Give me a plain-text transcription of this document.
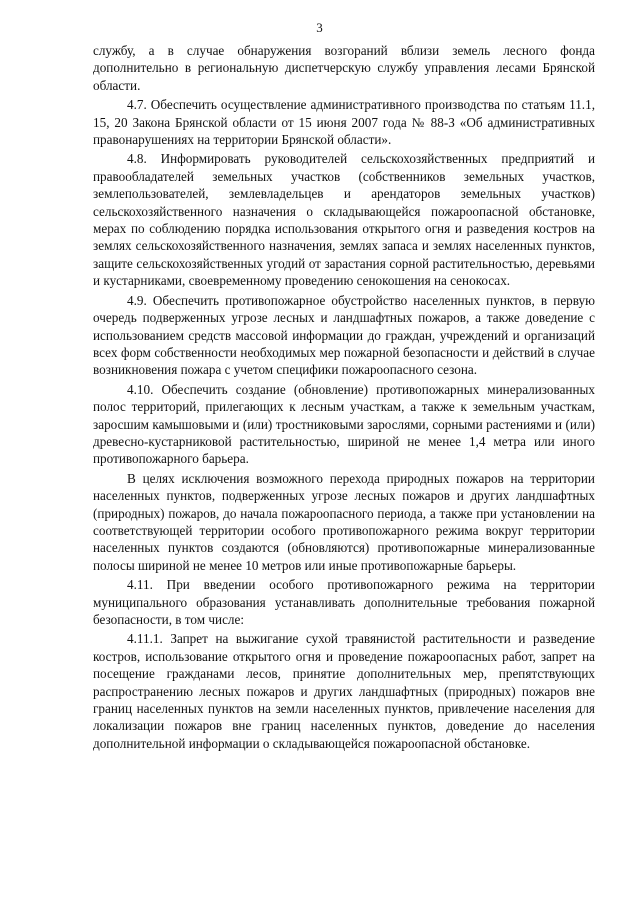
3

службу, а в случае обнаружения возгораний вблизи земель лесного фонда дополнительно в региональную диспетчерскую службу управления лесами Брянской области.

4.7. Обеспечить осуществление административного производства по статьям 11.1, 15, 20 Закона Брянской области от 15 июня 2007 года № 88-З «Об административных правонарушениях на территории Брянской области».

4.8. Информировать руководителей сельскохозяйственных предприятий и правообладателей земельных участков (собственников земельных участков, землепользователей, землевладельцев и арендаторов земельных участков) сельскохозяйственного назначения о складывающейся пожароопасной обстановке, мерах по соблюдению порядка использования открытого огня и разведения костров на землях сельскохозяйственного назначения, землях запаса и землях населенных пунктов, защите сельскохозяйственных угодий от зарастания сорной растительностью, деревьями и кустарниками, своевременному проведению сенокошения на сенокосах.

4.9. Обеспечить противопожарное обустройство населенных пунктов, в первую очередь подверженных угрозе лесных и ландшафтных пожаров, а также доведение с использованием средств массовой информации до граждан, учреждений и организаций всех форм собственности необходимых мер пожарной безопасности и действий в случае возникновения пожара с учетом специфики пожароопасного сезона.

4.10. Обеспечить создание (обновление) противопожарных минерализованных полос территорий, прилегающих к лесным участкам, а также к земельным участкам, заросшим камышовыми и (или) тростниковыми зарослями, сорными растениями и (или) древесно-кустарниковой растительностью, шириной не менее 1,4 метра или иного противопожарного барьера.

В целях исключения возможного перехода природных пожаров на территории населенных пунктов, подверженных угрозе лесных пожаров и других ландшафтных (природных) пожаров, до начала пожароопасного периода, а также при установлении на соответствующей территории особого противопожарного режима вокруг территории населенных пунктов создаются (обновляются) противопожарные минерализованные полосы шириной не менее 10 метров или иные противопожарные барьеры.

4.11. При введении особого противопожарного режима на территории муниципального образования устанавливать дополнительные требования пожарной безопасности, в том числе:

4.11.1. Запрет на выжигание сухой травянистой растительности и разведение костров, использование открытого огня и проведение пожароопасных работ, запрет на посещение гражданами лесов, принятие дополнительных мер, препятствующих распространению лесных пожаров и других ландшафтных (природных) пожаров вне границ населенных пунктов на земли населенных пунктов, привлечение населения для локализации пожаров вне границ населенных пунктов, доведение до населения дополнительной информации о складывающейся пожароопасной обстановке.
